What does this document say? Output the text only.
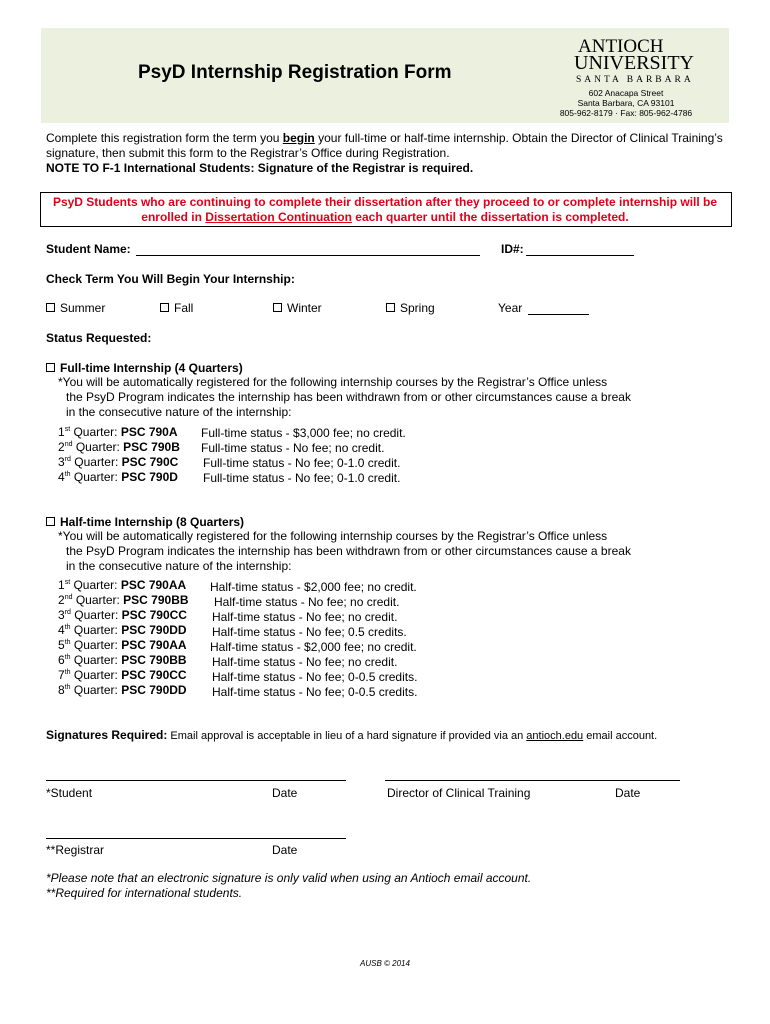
PsyD Internship Registration Form
ANTIOCH
UNIVERSITY
SANTA BARBARA
602 Anacapa Street
Santa Barbara, CA 93101
805-962-8179 · Fax: 805-962-4786
Complete this registration form the term you begin your full-time or half-time internship. Obtain the Director of Clinical Training’s signature, then submit this form to the Registrar’s Office during Registration.
NOTE TO F-1 International Students: Signature of the Registrar is required.
PsyD Students who are continuing to complete their dissertation after they proceed to or complete internship will be enrolled in Dissertation Continuation each quarter until the dissertation is completed.
Student Name:	ID#:
Check Term You Will Begin Your Internship:
Summer	Fall	Winter	Spring	Year
Status Requested:
Full-time Internship (4 Quarters)
*You will be automatically registered for the following internship courses by the Registrar’s Office unless
the PsyD Program indicates the internship has been withdrawn from or other circumstances cause a break
in the consecutive nature of the internship:
1st Quarter: PSC 790A Full-time status - $3,000 fee; no credit.
2nd Quarter: PSC 790B Full-time status - No fee; no credit.
3rd Quarter: PSC 790C Full-time status - No fee; 0-1.0 credit.
4th Quarter: PSC 790D Full-time status - No fee; 0-1.0 credit.
Half-time Internship (8 Quarters)
*You will be automatically registered for the following internship courses by the Registrar’s Office unless
the PsyD Program indicates the internship has been withdrawn from or other circumstances cause a break
in the consecutive nature of the internship:
1st Quarter: PSC 790AA Half-time status - $2,000 fee; no credit.
2nd Quarter: PSC 790BB Half-time status - No fee; no credit.
3rd Quarter: PSC 790CC Half-time status - No fee; no credit.
4th Quarter: PSC 790DD Half-time status - No fee; 0.5 credits.
5th Quarter: PSC 790AA Half-time status - $2,000 fee; no credit.
6th Quarter: PSC 790BB Half-time status - No fee; no credit.
7th Quarter: PSC 790CC Half-time status - No fee; 0-0.5 credits.
8th Quarter: PSC 790DD Half-time status - No fee; 0-0.5 credits.
Signatures Required: Email approval is acceptable in lieu of a hard signature if provided via an antioch.edu email account.
*Student	Date	Director of Clinical Training	Date
**Registrar	Date
*Please note that an electronic signature is only valid when using an Antioch email account.
**Required for international students.
AUSB © 2014
